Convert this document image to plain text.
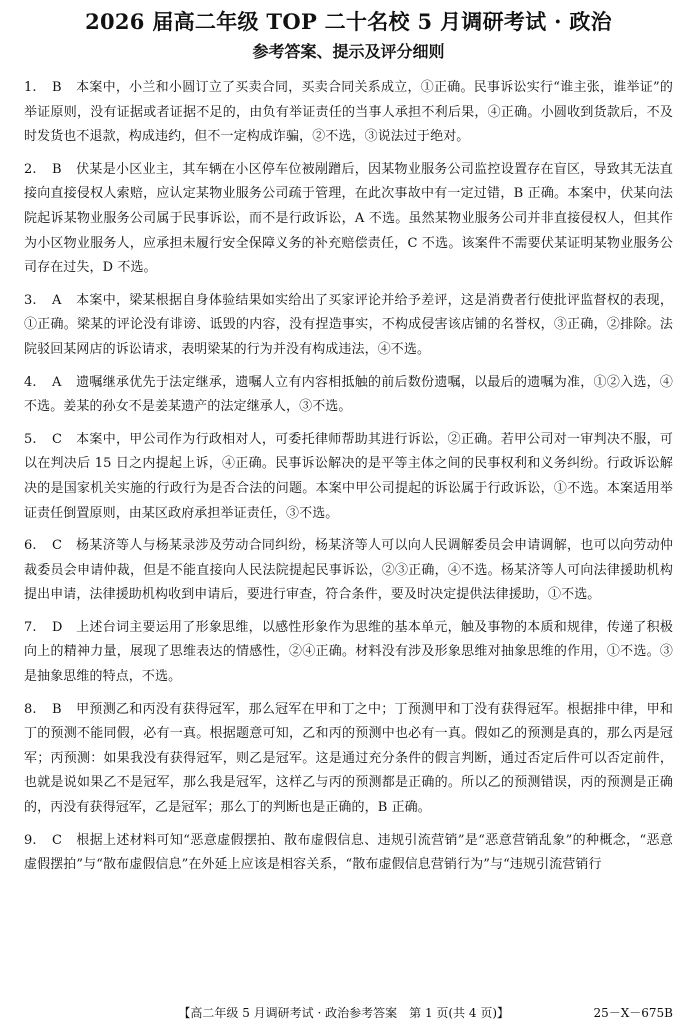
2026 届高二年级 TOP 二十名校 5 月调研考试 · 政治
参考答案、提示及评分细则

1. B 本案中，小兰和小圆订立了买卖合同，买卖合同关系成立，①正确。民事诉讼实行“谁主张，谁举证”的举证原则，没有证据或者证据不足的，由负有举证责任的当事人承担不利后果，④正确。小圆收到货款后，不及时发货也不退款，构成违约，但不一定构成诈骗，②不选，③说法过于绝对。

2. B 伏某是小区业主，其车辆在小区停车位被剐蹭后，因某物业服务公司监控设置存在盲区，导致其无法直接向直接侵权人索赔，应认定某物业服务公司疏于管理，在此次事故中有一定过错，B 正确。本案中，伏某向法院起诉某物业服务公司属于民事诉讼，而不是行政诉讼，A 不选。虽然某物业服务公司并非直接侵权人，但其作为小区物业服务人，应承担未履行安全保障义务的补充赔偿责任，C 不选。该案件不需要伏某证明某物业服务公司存在过失，D 不选。

3. A 本案中，梁某根据自身体验结果如实给出了买家评论并给予差评，这是消费者行使批评监督权的表现，①正确。梁某的评论没有诽谤、诋毁的内容，没有捏造事实，不构成侵害该店铺的名誉权，③正确，②排除。法院驳回某网店的诉讼请求，表明梁某的行为并没有构成违法，④不选。

4. A 遗嘱继承优先于法定继承，遗嘱人立有内容相抵触的前后数份遗嘱，以最后的遗嘱为准，①②入选，④不选。姜某的孙女不是姜某遗产的法定继承人，③不选。

5. C 本案中，甲公司作为行政相对人，可委托律师帮助其进行诉讼，②正确。若甲公司对一审判决不服，可以在判决后 15 日之内提起上诉，④正确。民事诉讼解决的是平等主体之间的民事权利和义务纠纷。行政诉讼解决的是国家机关实施的行政行为是否合法的问题。本案中甲公司提起的诉讼属于行政诉讼，①不选。本案适用举证责任倒置原则，由某区政府承担举证责任，③不选。

6. C 杨某济等人与杨某录涉及劳动合同纠纷，杨某济等人可以向人民调解委员会申请调解，也可以向劳动仲裁委员会申请仲裁，但是不能直接向人民法院提起民事诉讼，②③正确，④不选。杨某济等人可向法律援助机构提出申请，法律援助机构收到申请后，要进行审查，符合条件，要及时决定提供法律援助，①不选。

7. D 上述台词主要运用了形象思维，以感性形象作为思维的基本单元，触及事物的本质和规律，传递了积极向上的精神力量，展现了思维表达的情感性，②④正确。材料没有涉及形象思维对抽象思维的作用，①不选。③是抽象思维的特点，不选。

8. B 甲预测乙和丙没有获得冠军，那么冠军在甲和丁之中；丁预测甲和丁没有获得冠军。根据排中律，甲和丁的预测不能同假，必有一真。根据题意可知，乙和丙的预测中也必有一真。假如乙的预测是真的，那么丙是冠军；丙预测：如果我没有获得冠军，则乙是冠军。这是通过充分条件的假言判断，通过否定后件可以否定前件，也就是说如果乙不是冠军，那么我是冠军，这样乙与丙的预测都是正确的。所以乙的预测错误，丙的预测是正确的，丙没有获得冠军，乙是冠军；那么丁的判断也是正确的，B 正确。

9. C 根据上述材料可知“恶意虚假摆拍、散布虚假信息、违规引流营销”是“恶意营销乱象”的种概念，“恶意虚假摆拍”与“散布虚假信息”在外延上应该是相容关系，“散布虚假信息营销行为”与“违规引流营销行

【高二年级 5 月调研考试 · 政治参考答案　第 1 页(共 4 页)】	25－X－675B
